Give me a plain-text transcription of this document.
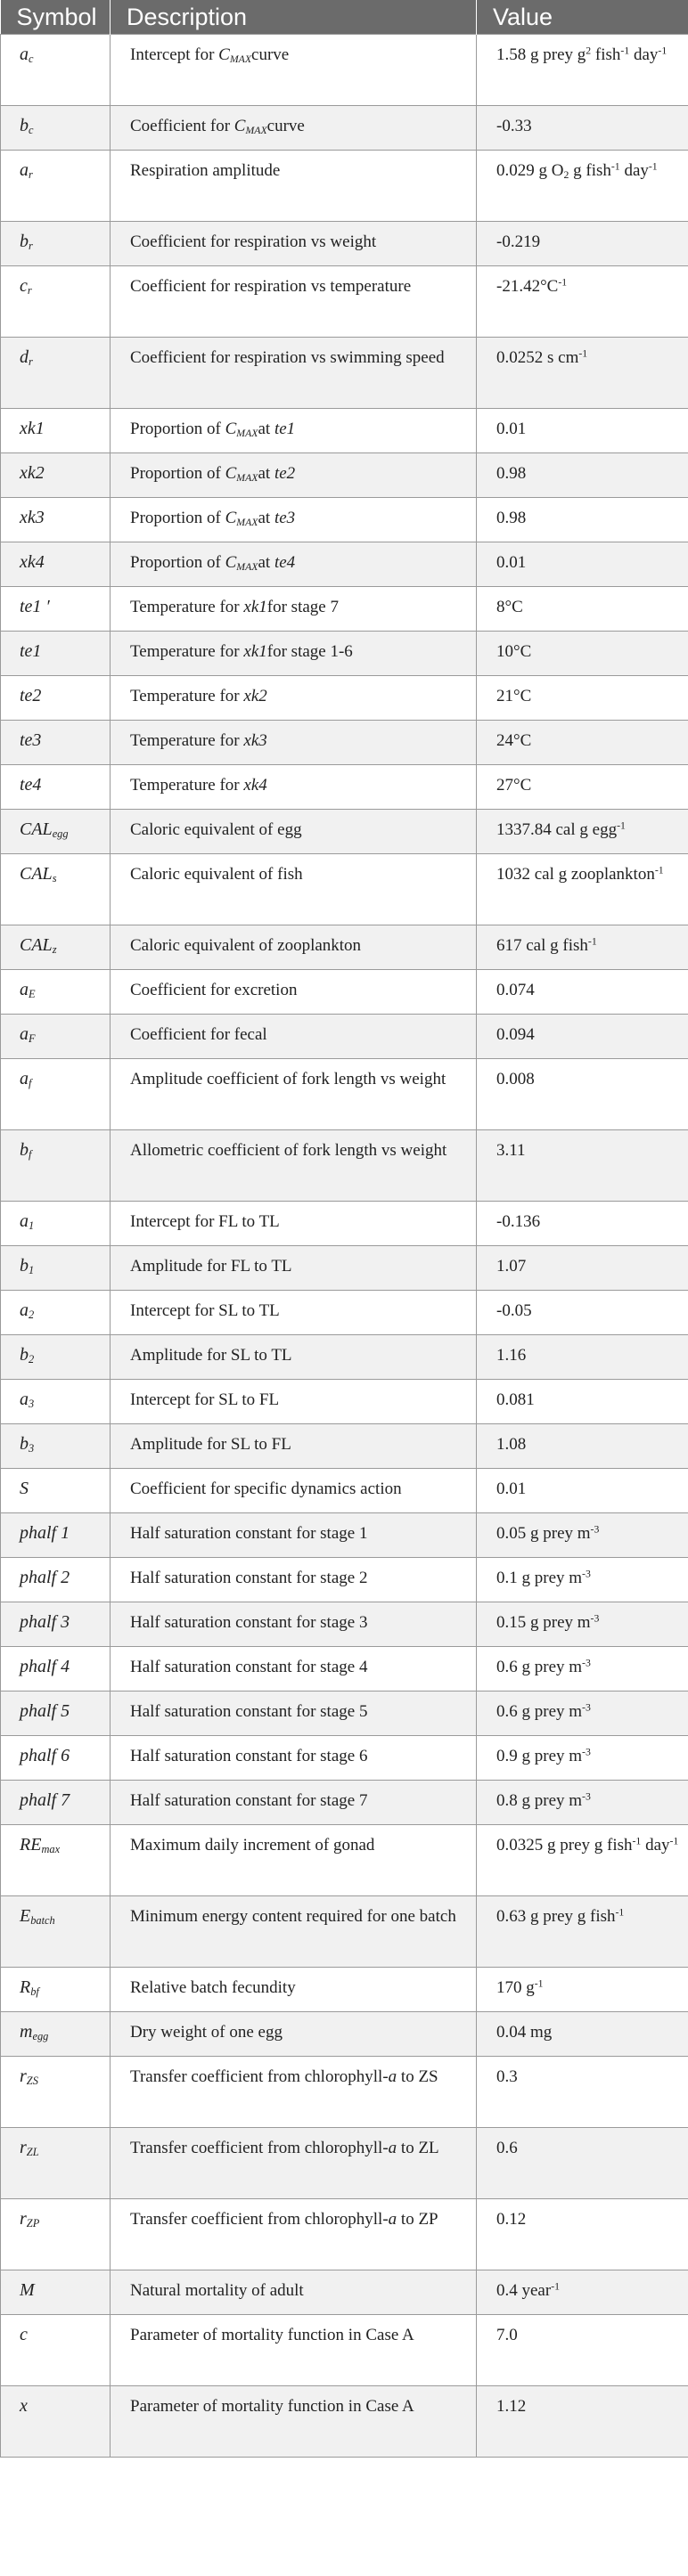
Symbol	Description	Value
$a_c$	Intercept for $C_{MAX}curve$	1.58 g prey $g^2$ fish$^{-1}$ day$^{-1}$
$b_c$	Coefficient for $C_{MAX}curve$	-0.33
$a_r$	Respiration amplitude	0.029 g $O_2$ g fish$^{-1}$ day$^{-1}$
$b_r$	Coefficient for respiration vs weight	-0.219
$c_r$	Coefficient for respiration vs temperature	$-21.42^\circ C^{-1}$
$d_r$	Coefficient for respiration vs swimming speed	0.0252 s $cm^{-1}$
xk1	Proportion of $C_{MAX}at$ te1	0.01
xk2	Proportion of $C_{MAX}at$ te2	0.98
xk3	Proportion of $C_{MAX}at$ te3	0.98
xk4	Proportion of $C_{MAX}at$ te4	0.01
te1 ′	Temperature for xk1for stage 7	8°C
te1	Temperature for xk1for stage 1-6	10°C
te2	Temperature for xk2	21°C
te3	Temperature for xk3	24°C
te4	Temperature for xk4	27°C
$CAL_{egg}$	Caloric equivalent of egg	1337.84 cal g egg$^{-1}$
$CAL_s$	Caloric equivalent of fish	1032 cal g zooplankton$^{-1}$
$CAL_z$	Caloric equivalent of zooplankton	617 cal g fish$^{-1}$
$a_E$	Coefficient for excretion	0.074
$a_F$	Coefficient for fecal	0.094
$a_f$	Amplitude coefficient of fork length vs weight	0.008
$b_f$	Allometric coefficient of fork length vs weight	3.11
$a_1$	Intercept for FL to TL	-0.136
$b_1$	Amplitude for FL to TL	1.07
$a_2$	Intercept for SL to TL	-0.05
$b_2$	Amplitude for SL to TL	1.16
$a_3$	Intercept for SL to FL	0.081
$b_3$	Amplitude for SL to FL	1.08
S	Coefficient for specific dynamics action	0.01
phalf 1	Half saturation constant for stage 1	0.05 g prey $m^{-3}$
phalf 2	Half saturation constant for stage 2	0.1 g prey $m^{-3}$
phalf 3	Half saturation constant for stage 3	0.15 g prey $m^{-3}$
phalf 4	Half saturation constant for stage 4	0.6 g prey $m^{-3}$
phalf 5	Half saturation constant for stage 5	0.6 g prey $m^{-3}$
phalf 6	Half saturation constant for stage 6	0.9 g prey $m^{-3}$
phalf 7	Half saturation constant for stage 7	0.8 g prey $m^{-3}$
$RE_{max}$	Maximum daily increment of gonad	0.0325 g prey g fish$^{-1}$ day$^{-1}$
$E_{batch}$	Minimum energy content required for one batch	0.63 g prey g fish$^{-1}$
$R_{bf}$	Relative batch fecundity	170 $g^{-1}$
$m_{egg}$	Dry weight of one egg	0.04 mg
$r_{ZS}$	Transfer coefficient from chlorophyll-a to ZS	0.3
$r_{ZL}$	Transfer coefficient from chlorophyll-a to ZL	0.6
$r_{ZP}$	Transfer coefficient from chlorophyll-a to ZP	0.12
M	Natural mortality of adult	0.4 year$^{-1}$
c	Parameter of mortality function in Case A	7.0
x	Parameter of mortality function in Case A	1.12
